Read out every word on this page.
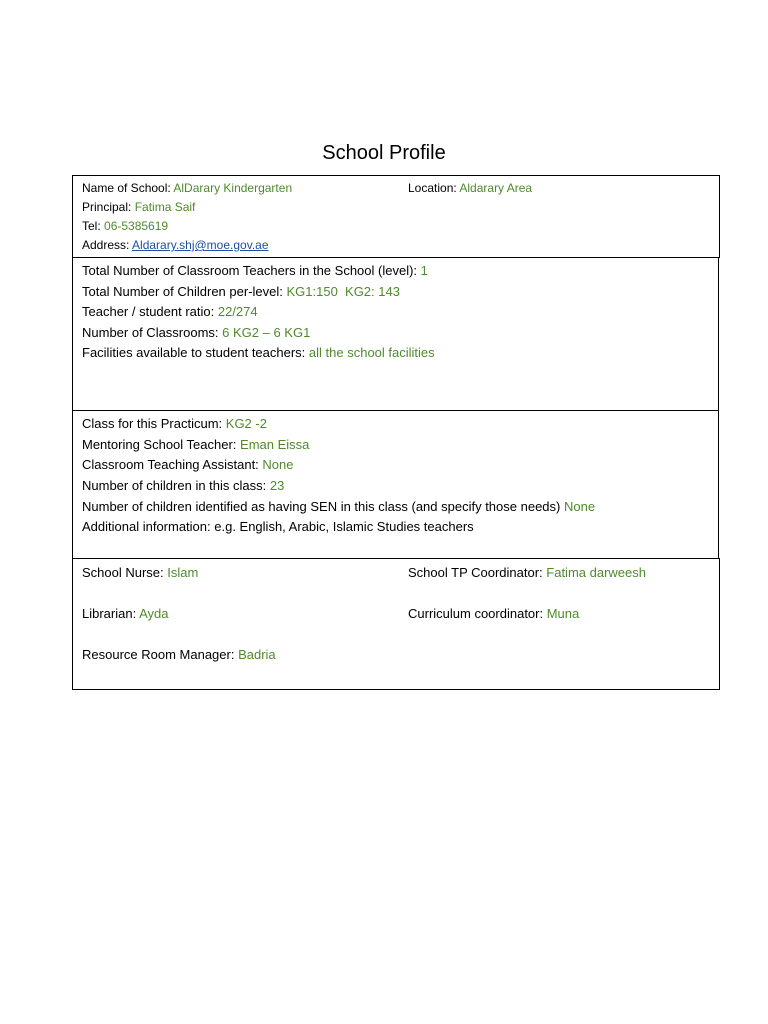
School Profile
Name of School: AlDarary Kindergarten	Location: Aldarary Area
Principal: Fatima Saif
Tel: 06-5385619
Address: Aldarary.shj@moe.gov.ae
Total Number of Classroom Teachers in the School (level): 1
Total Number of Children per-level: KG1:150  KG2: 143
Teacher / student ratio: 22/274
Number of Classrooms: 6 KG2 – 6 KG1
Facilities available to student teachers: all the school facilities
Class for this Practicum: KG2 -2
Mentoring School Teacher: Eman Eissa
Classroom Teaching Assistant: None
Number of children in this class: 23
Number of children identified as having SEN in this class (and specify those needs) None
Additional information: e.g. English, Arabic, Islamic Studies teachers
School Nurse: Islam	School TP Coordinator: Fatima darweesh
Librarian: Ayda	Curriculum coordinator: Muna
Resource Room Manager: Badria
